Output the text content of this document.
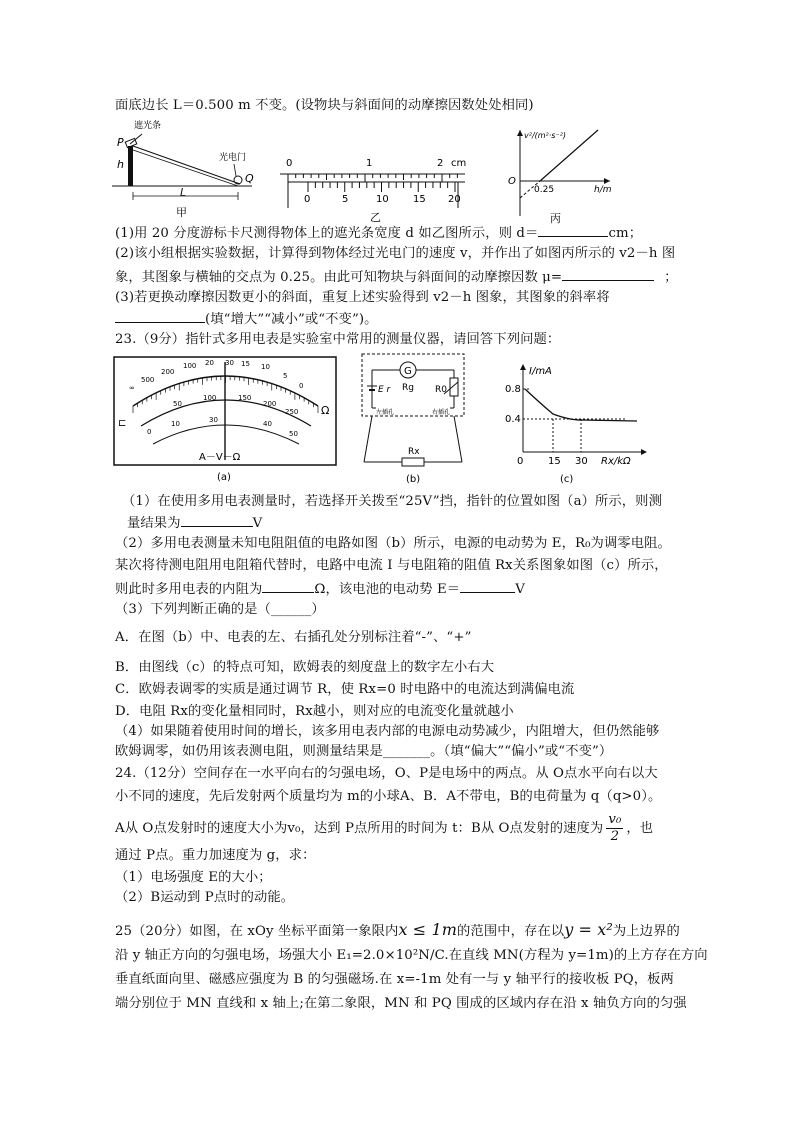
面底边长 L＝0.500 m 不变。(设物块与斜面间的动摩擦因数处处相同)
遮光条
P
h	光电门
Q
L
甲
0	1	2 cm
0	5	10 15 20
乙
v²/(m²·s⁻²)
O
0.25	h/m
丙
(1)用 20 分度游标卡尺测得物体上的遮光条宽度 d 如乙图所示，则 d＝	cm；
(2)该小组根据实验数据，计算得到物体经过光电门的速度 v，并作出了如图丙所示的 v2－h 图
象，其图象与横轴的交点为 0.25。由此可知物块与斜面间的动摩擦因数 μ=	；
(3)若更换动摩擦因数更小的斜面，重复上述实验得到 v2－h 图象，其图象的斜率将
(填“增大”“减小”或“不变”)。
23.（9分）指针式多用电表是实验室中常用的测量仪器，请回答下列问题：
∞
500
200
100	30
20	15 10
5
0
100
50
150
200
250
0
10	30	40
50
Ω
⊏
A－V－Ω
(a)
G
E r Rg R0
左插孔	右插孔
Rx
(b)
I/mA
0.8
0.4
0 15 30 Rx/kΩ
(c)
（1）在使用多用电表测量时，若选择开关拨至“25V”挡，指针的位置如图（a）所示，则测
量结果为	V
（2）多用电表测量未知电阻阻值的电路如图（b）所示，电源的电动势为 E，R₀为调零电阻。
某次将待测电阻用电阻箱代替时，电路中电流 I 与电阻箱的阻值 Rx关系图象如图（c）所示，
则此时多用电表的内阻为	Ω，该电池的电动势 E＝	V
（3）下列判断正确的是（______）
A．在图（b）中、电表的左、右插孔处分别标注着“-”、“+”
B．由图线（c）的特点可知，欧姆表的刻度盘上的数字左小右大
C．欧姆表调零的实质是通过调节 R，使 Rx=0 时电路中的电流达到满偏电流
D．电阻 Rx的变化量相同时，Rx越小，则对应的电流变化量就越小
（4）如果随着使用时间的增长，该多用电表内部的电源电动势减少，内阻增大，但仍然能够
欧姆调零，如仍用该表测电阻，则测量结果是_______。（填“偏大”“偏小”或“不变”）
24.（12分）空间存在一水平向右的匀强电场，O、P是电场中的两点。从 O点水平向右以大
小不同的速度，先后发射两个质量均为 m的小球A、B．A不带电，B的电荷量为 q（q>0）。
A从 O点发射时的速度大小为v₀，达到 P点所用的时间为 t：B从 O点发射的速度为 $\frac{\text{v₀}}{2}$ ，也
通过 P点。重力加速度为 g，求：
（1）电场强度 E的大小；
（2）B运动到 P点时的动能。
25（20分）如图，在 xOy 坐标平面第一象限内x ≤ 1m的范围中，存在以y = x²为上边界的
沿 y 轴正方向的匀强电场，场强大小 E₁=2.0×10²N/C.在直线 MN(方程为 y=1m)的上方存在方向
垂直纸面向里、磁感应强度为 B 的匀强磁场.在 x=-1m 处有一与 y 轴平行的接收板 PQ，板两
端分别位于 MN 直线和 x 轴上;在第二象限，MN 和 PQ 围成的区域内存在沿 x 轴负方向的匀强
